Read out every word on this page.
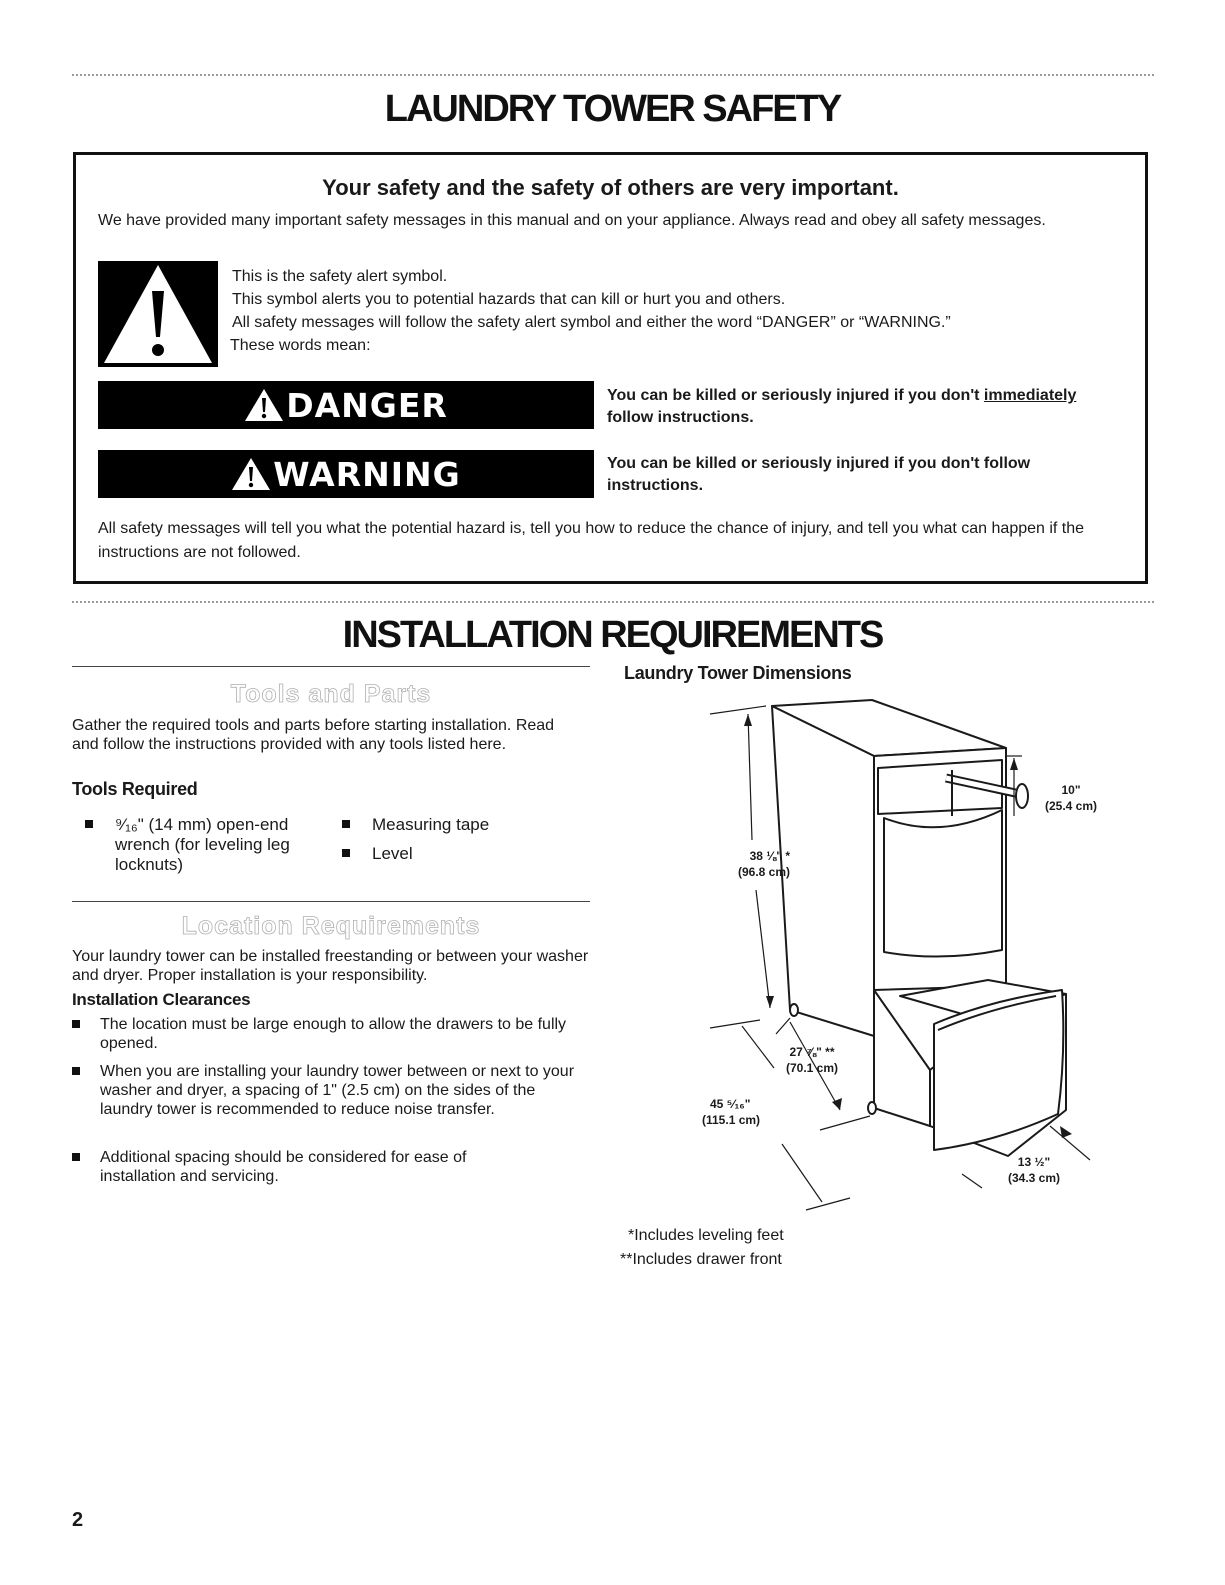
LAUNDRY TOWER SAFETY
Your safety and the safety of others are very important.

We have provided many important safety messages in this manual and on your appliance. Always read and obey all safety messages.

This is the safety alert symbol.

This symbol alerts you to potential hazards that can kill or hurt you and others.

All safety messages will follow the safety alert symbol and either the word “DANGER” or “WARNING.”

These words mean:

DANGER	You can be killed or seriously injured if you don't immediately follow instructions.

WARNING	You can be killed or seriously injured if you don't follow instructions.

All safety messages will tell you what the potential hazard is, tell you how to reduce the chance of injury, and tell you what can happen if the instructions are not followed.

INSTALLATION REQUIREMENTS
Tools and Parts

Gather the required tools and parts before starting installation. Read and follow the instructions provided with any tools listed here.

Tools Required
⁹⁄₁₆" (14 mm) open-end wrench (for leveling leg locknuts)
Measuring tape
Level
Location Requirements

Your laundry tower can be installed freestanding or between your washer and dryer. Proper installation is your responsibility.

Installation Clearances
The location must be large enough to allow the drawers to be fully opened.
When you are installing your laundry tower between or next to your washer and dryer, a spacing of 1" (2.5 cm) on the sides of the laundry tower is recommended to reduce noise transfer.
Additional spacing should be considered for ease of installation and servicing.
Laundry Tower Dimensions
38 ⅛" *
(96.8 cm)
10"
(25.4 cm)
27 ⅞" **
(70.1 cm)
45 ⁵⁄₁₆"
(115.1 cm)
13 ½"
(34.3 cm)

*Includes leveling feet

**Includes drawer front

2
